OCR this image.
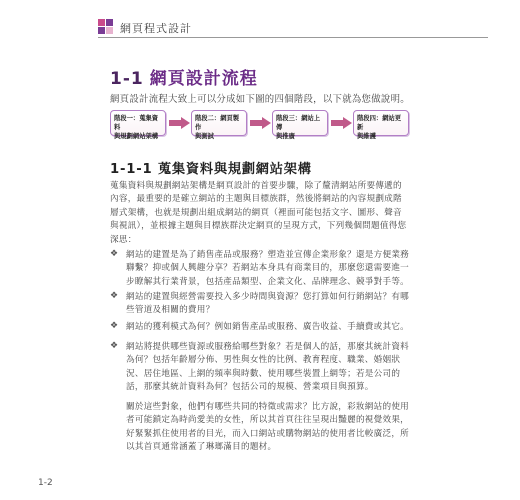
網頁程式設計
1-1 網頁設計流程
網頁設計流程大致上可以分成如下圖的四個階段，以下就為您做說明。
階段一：蒐集資料
與規劃網站架構
階段二：網頁製作
與測試
階段三：網站上傳
與推廣
階段四：網站更新
與維護
1-1-1 蒐集資料與規劃網站架構
蒐集資料與規劃網站架構是網頁設計的首要步驟，除了釐清網站所要傳遞的
內容，最重要的是確立網站的主題與目標族群，然後將網站的內容規劃成階
層式架構，也就是規劃出組成網站的網頁（裡面可能包括文字、圖形、聲音
與視訊），並根據主題與目標族群決定網頁的呈現方式，下列幾個問題值得您
深思：
❖ 網站的建置是為了銷售產品或服務？塑造並宣傳企業形象？還是方便業務
聯繫？抑或個人興趣分享？若網站本身具有商業目的，那麼您還需要進一
步瞭解其行業背景，包括產品類型、企業文化、品牌理念、競爭對手等。
❖ 網站的建置與經營需要投入多少時間與資源？您打算如何行銷網站？有哪
些管道及相關的費用？
❖ 網站的獲利模式為何？例如銷售產品或服務、廣告收益、手續費或其它。
❖ 網站將提供哪些資源或服務給哪些對象？若是個人的話，那麼其統計資料
為何？包括年齡層分佈、男性與女性的比例、教育程度、職業、婚姻狀
況、居住地區、上網的頻率與時數、使用哪些裝置上網等；若是公司的
話，那麼其統計資料為何？包括公司的規模、營業項目與預算。
關於這些對象，他們有哪些共同的特徵或需求？比方說，彩妝網站的使用
者可能鎖定為時尚愛美的女性，所以其首頁往往呈現出豔麗的視覺效果，
好緊緊抓住使用者的目光，而入口網站或購物網站的使用者比較廣泛，所
以其首頁通常涵蓋了琳瑯滿目的題材。
1-2
